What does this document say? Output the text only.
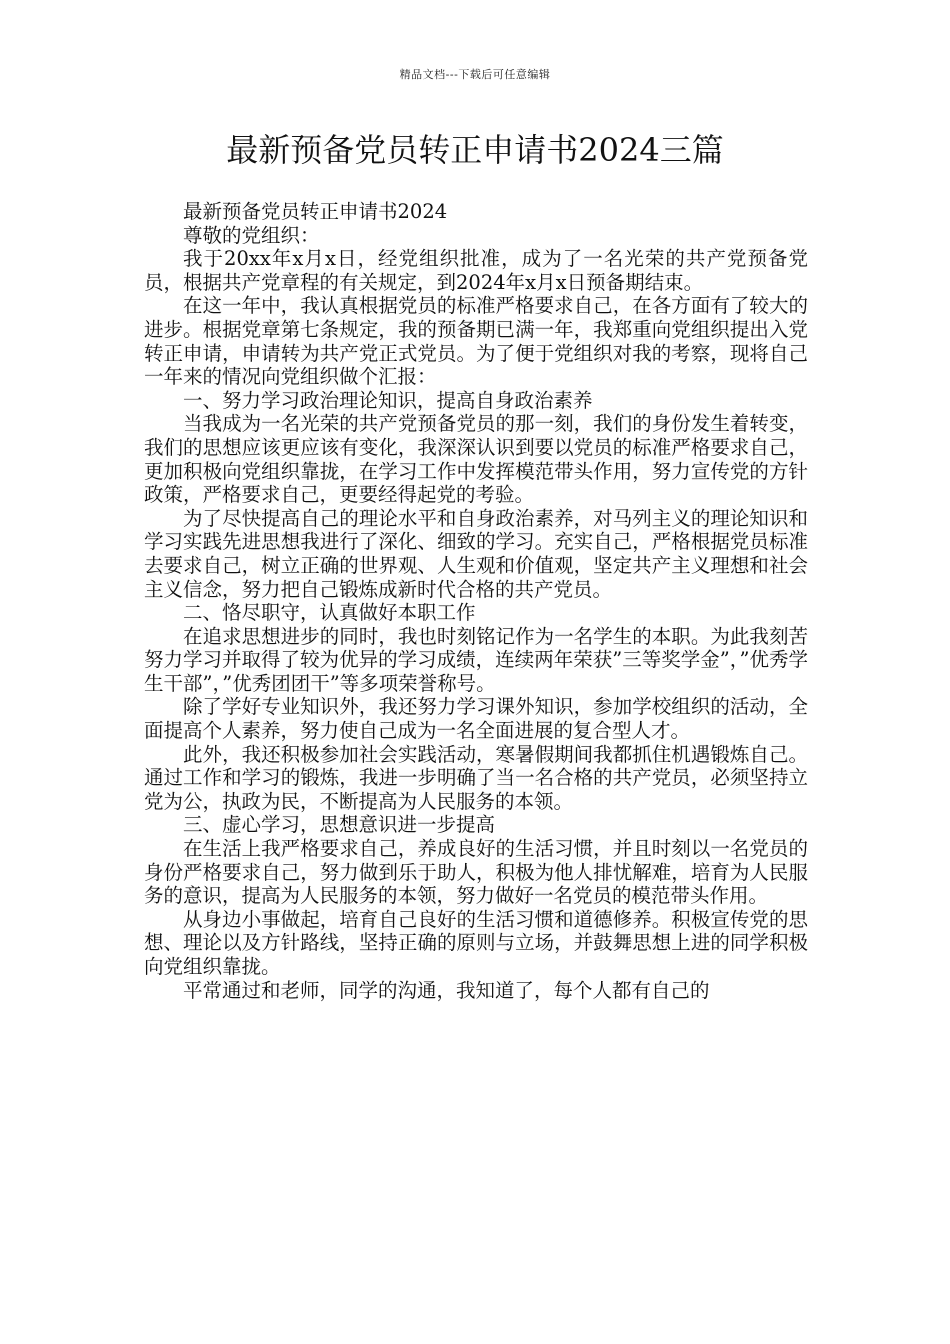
精品文档---下载后可任意编辑
最新预备党员转正申请书2024三篇

最新预备党员转正申请书2024

尊敬的党组织：

我于20xx年x月x日，经党组织批准，成为了一名光荣的共产党预备党员，根据共产党章程的有关规定，到2024年x月x日预备期结束。

在这一年中，我认真根据党员的标准严格要求自己，在各方面有了较大的进步。根据党章第七条规定，我的预备期已满一年，我郑重向党组织提出入党转正申请，申请转为共产党正式党员。为了便于党组织对我的考察，现将自己一年来的情况向党组织做个汇报：

一、努力学习政治理论知识，提高自身政治素养

当我成为一名光荣的共产党预备党员的那一刻，我们的身份发生着转变，我们的思想应该更应该有变化，我深深认识到要以党员的标准严格要求自己，更加积极向党组织靠拢，在学习工作中发挥模范带头作用，努力宣传党的方针政策，严格要求自己，更要经得起党的考验。

为了尽快提高自己的理论水平和自身政治素养，对马列主义的理论知识和学习实践先进思想我进行了深化、细致的学习。充实自己，严格根据党员标准去要求自己，树立正确的世界观、人生观和价值观，坚定共产主义理想和社会主义信念，努力把自己锻炼成新时代合格的共产党员。

二、恪尽职守，认真做好本职工作

在追求思想进步的同时，我也时刻铭记作为一名学生的本职。为此我刻苦努力学习并取得了较为优异的学习成绩，连续两年荣获”三等奖学金”，”优秀学生干部”，”优秀团团干”等多项荣誉称号。

除了学好专业知识外，我还努力学习课外知识，参加学校组织的活动，全面提高个人素养，努力使自己成为一名全面进展的复合型人才。

此外，我还积极参加社会实践活动，寒暑假期间我都抓住机遇锻炼自己。通过工作和学习的锻炼，我进一步明确了当一名合格的共产党员，必须坚持立党为公，执政为民，不断提高为人民服务的本领。

三、虚心学习，思想意识进一步提高

在生活上我严格要求自己，养成良好的生活习惯，并且时刻以一名党员的身份严格要求自己，努力做到乐于助人，积极为他人排忧解难，培育为人民服务的意识，提高为人民服务的本领，努力做好一名党员的模范带头作用。

从身边小事做起，培育自己良好的生活习惯和道德修养。积极宣传党的思想、理论以及方针路线，坚持正确的原则与立场，并鼓舞思想上进的同学积极向党组织靠拢。

平常通过和老师，同学的沟通，我知道了，每个人都有自己的
